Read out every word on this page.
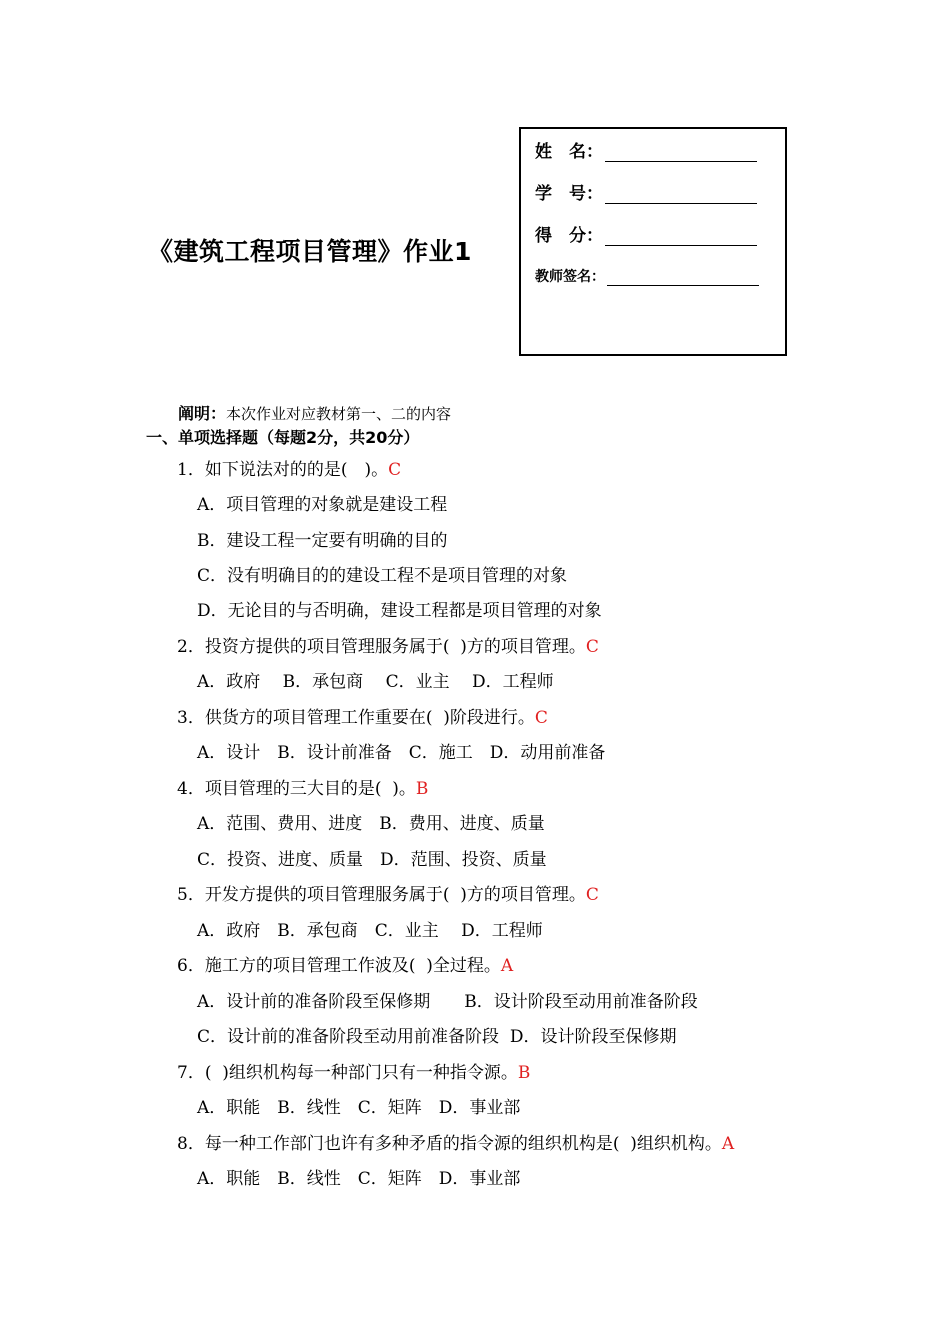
《建筑工程项目管理》作业1
姓　名：
学　号：
得　分：
教师签名：
阐明：本次作业对应教材第一、二的内容
一、单项选择题（每题2分，共20分）
1．如下说法对的的是(　)。C
A．项目管理的对象就是建设工程
B．建设工程一定要有明确的目的
C．没有明确目的的建设工程不是项目管理的对象
D．无论目的与否明确，建设工程都是项目管理的对象
2．投资方提供的项目管理服务属于(  )方的项目管理。C
A．政府　 B．承包商　 C．业主　 D．工程师
3．供货方的项目管理工作重要在(  )阶段进行。C
A．设计　B．设计前准备　C．施工　D．动用前准备
4．项目管理的三大目的是(  )。B
A．范围、费用、进度　B．费用、进度、质量
C．投资、进度、质量　D．范围、投资、质量
5．开发方提供的项目管理服务属于(  )方的项目管理。C
A．政府　B．承包商　C．业主　 D．工程师
6．施工方的项目管理工作波及(  )全过程。A
A．设计前的准备阶段至保修期　　B．设计阶段至动用前准备阶段
C．设计前的准备阶段至动用前准备阶段  D．设计阶段至保修期
7．(  )组织机构每一种部门只有一种指令源。B
A．职能　B．线性　C．矩阵　D．事业部
8．每一种工作部门也许有多种矛盾的指令源的组织机构是(  )组织机构。A
A．职能　B．线性　C．矩阵　D．事业部
